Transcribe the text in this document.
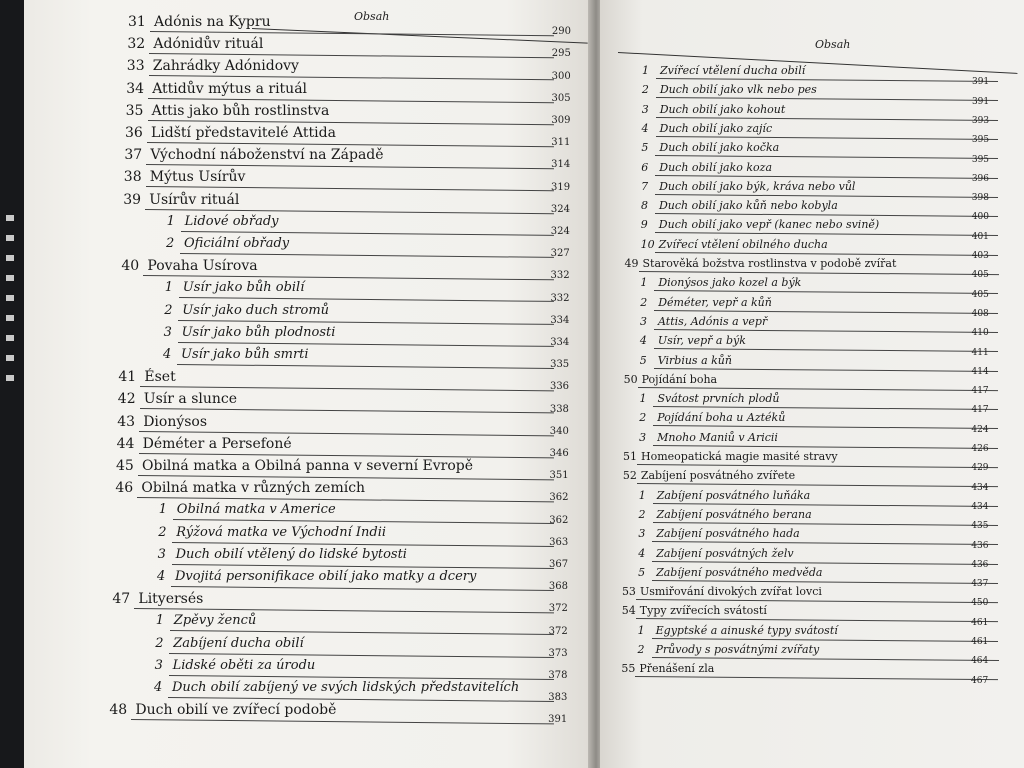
Obsah
31 Adónis na Kypru
32 Adónidův rituál
290
33 Zahrádky Adónidovy
295
34 Attidův mýtus a rituál
300
35 Attis jako bůh rostlinstva
305
36 Lidští představitelé Attida
309
37 Východní náboženství na Západě
311
38 Mýtus Usírův
314
39 Usírův rituál
319
1 Lidové obřady
324
2 Oficiální obřady
324
40 Povaha Usírova
327
1 Usír jako bůh obilí
332
2 Usír jako duch stromů
332
3 Usír jako bůh plodnosti
334
4 Usír jako bůh smrti
334
41 Éset
335
42 Usír a slunce
336
43 Dionýsos
338
44 Déméter a Persefoné
340
45 Obilná matka a Obilná panna v severní Evropě
346
46 Obilná matka v různých zemích
351
1 Obilná matka v Americe
362
2 Rýžová matka ve Východní Indii
362
3 Duch obilí vtělený do lidské bytosti
363
4 Dvojitá personifikace obilí jako matky a dcery
367
47 Lityersés
368
1 Zpěvy ženců
372
2 Zabíjení ducha obilí
372
3 Lidské oběti za úrodu
373
4 Duch obilí zabíjený ve svých lidských představitelích
378
48 Duch obilí ve zvířecí podobě
383
391
Obsah
1 Zvířecí vtělení ducha obilí
2 Duch obilí jako vlk nebo pes
391
3 Duch obilí jako kohout
391
4 Duch obilí jako zajíc
393
5 Duch obilí jako kočka
395
6 Duch obilí jako koza
395
7 Duch obilí jako býk, kráva nebo vůl
396
8 Duch obilí jako kůň nebo kobyla
398
9 Duch obilí jako vepř (kanec nebo svině)
400
10 Zvířecí vtělení obilného ducha
401
49 Starověká božstva rostlinstva v podobě zvířat
403
1 Dionýsos jako kozel a býk
405
2 Déméter, vepř a kůň
405
3 Attis, Adónis a vepř
408
4 Usír, vepř a býk
410
5 Virbius a kůň
411
50 Pojídání boha
414
1 Svátost prvních plodů
417
2 Pojídání boha u Aztéků
417
3 Mnoho Maniů v Aricii
424
51 Homeopatická magie masité stravy
426
52 Zabíjení posvátného zvířete
429
1 Zabíjení posvátného luňáka
434
2 Zabíjení posvátného berana
434
3 Zabíjení posvátného hada
435
4 Zabíjení posvátných želv
436
5 Zabíjení posvátného medvěda
436
53 Usmiřování divokých zvířat lovci
437
54 Typy zvířecích svátostí
450
1 Egyptské a ainuské typy svátostí
461
2 Průvody s posvátnými zvířaty
461
55 Přenášení zla
464
467
